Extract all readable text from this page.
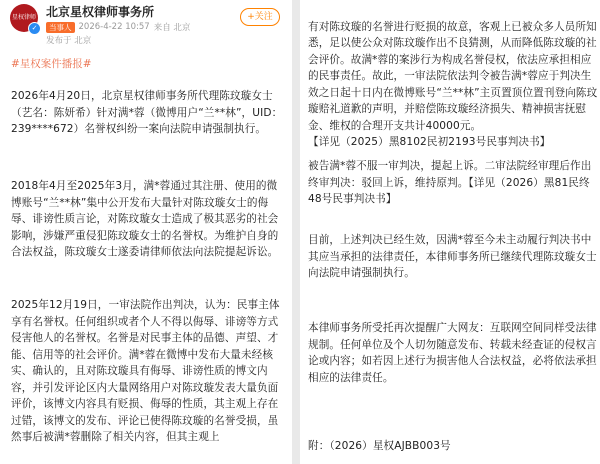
星权律师
✓
北京星权律师事务所
当事人 2026-4-22 10:57 来自 北京
发布于 北京
+关注
#星权案件播报#
2026年4月20日，北京星权律师事务所代理陈玟璇女士（艺名：陈妍希）针对满*蓉（微博用户“兰**林”，UID：239****672）名誉权纠纷一案向法院申请强制执行。
2018年4月至2025年3月，满*蓉通过其注册、使用的微博账号“兰**林”集中公开发布大量针对陈玟璇女士的侮辱、诽谤性质言论，对陈玟璇女士造成了极其恶劣的社会影响，涉嫌严重侵犯陈玟璇女士的名誉权。为维护自身的合法权益，陈玟璇女士遂委请律师依法向法院提起诉讼。
2025年12月19日，一审法院作出判决，认为：民事主体享有名誉权。任何组织或者个人不得以侮辱、诽谤等方式侵害他人的名誉权。名誉是对民事主体的品德、声望、才能、信用等的社会评价。满*蓉在微博中发布大量未经核实、确认的，且对陈玟璇具有侮辱、诽谤性质的博文内容，并引发评论区内大量网络用户对陈玟璇发表大量负面评价，该博文内容具有贬损、侮辱的性质，其主观上存在过错，该博文的发布、评论已使得陈玟璇的名誉受损，虽然事后被满*蓉删除了相关内容，但其主观上

有对陈玟璇的名誉进行贬损的故意，客观上已被众多人员所知悉，足以使公众对陈玟璇作出不良猜测，从而降低陈玟璇的社会评价。故满*蓉的案涉行为构成名誉侵权，依法应承担相应的民事责任。故此，一审法院依法判令被告满*蓉应于判决生效之日起十日内在微博账号“兰**林”主页置顶位置刊登向陈玟璇赔礼道歉的声明，并赔偿陈玟璇经济损失、精神损害抚慰金、维权的合理开支共计40000元。

【详见（2025）黑8102民初2193号民事判决书】

被告满*蓉不服一审判决，提起上诉。二审法院经审理后作出终审判决：驳回上诉，维持原判。【详见（2026）黑81民终48号民事判决书】
目前，上述判决已经生效，因满*蓉至今未主动履行判决书中其应当承担的法律责任，本律师事务所已继续代理陈玟璇女士向法院申请强制执行。
本律师事务所受托再次提醒广大网友：互联网空间同样受法律规制。任何单位及个人切勿随意发布、转载未经查证的侵权言论或内容；如若因上述行为损害他人合法权益，必将依法承担相应的法律责任。
附：（2026）星权AJBB003号
